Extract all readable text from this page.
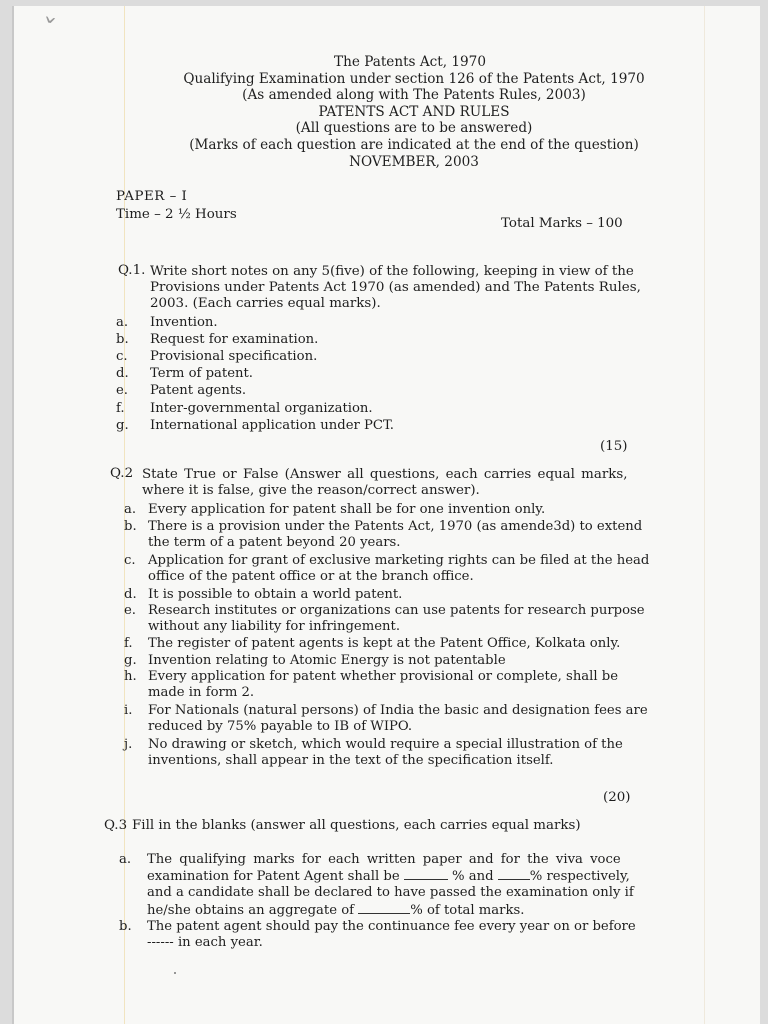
ˇ
The Patents Act, 1970
Qualifying Examination under section 126 of the Patents Act, 1970
(As amended along with The Patents Rules, 2003)
PATENTS ACT AND RULES
(All questions are to be answered)
(Marks of each question are indicated at the end of the question)
NOVEMBER, 2003
PAPER – I
Time – 2 ½ Hours
Total Marks – 100
Q.1. Write short notes on any 5(five) of the following, keeping in view of the
Provisions under Patents Act 1970 (as amended) and The Patents Rules,
2003. (Each carries equal marks).
a. Invention.
b. Request for examination.
c. Provisional specification.
d. Term of patent.
e. Patent agents.
f. Inter-governmental organization.
g. International application under PCT.
(15)
Q.2 State True or False (Answer all questions, each carries equal marks,
where it is false, give the reason/correct answer).
a. Every application for patent shall be for one invention only.
b. There is a provision under the Patents Act, 1970 (as amende3d) to extend
the term of a patent beyond 20 years.
c. Application for grant of exclusive marketing rights can be filed at the head
office of the patent office or at the branch office.
d. It is possible to obtain a world patent.
e. Research institutes or organizations can use patents for research purpose
without any liability for infringement.
f. The register of patent agents is kept at the Patent Office, Kolkata only.
g. Invention relating to Atomic Energy is not patentable
h. Every application for patent whether provisional or complete, shall be
made in form 2.
i. For Nationals (natural persons) of India the basic and designation fees are
reduced by 75% payable to IB of WIPO.
j. No drawing or sketch, which would require a special illustration of the
inventions, shall appear in the text of the specification itself.
(20)
Q.3 Fill in the blanks (answer all questions, each carries equal marks)
a. The qualifying marks for each written paper and for the viva voce
examination for Patent Agent shall be	% and	% respectively,
and a candidate shall be declared to have passed the examination only if
he/she obtains an aggregate of	% of total marks.
b. The patent agent should pay the continuance fee every year on or before
------ in each year.
